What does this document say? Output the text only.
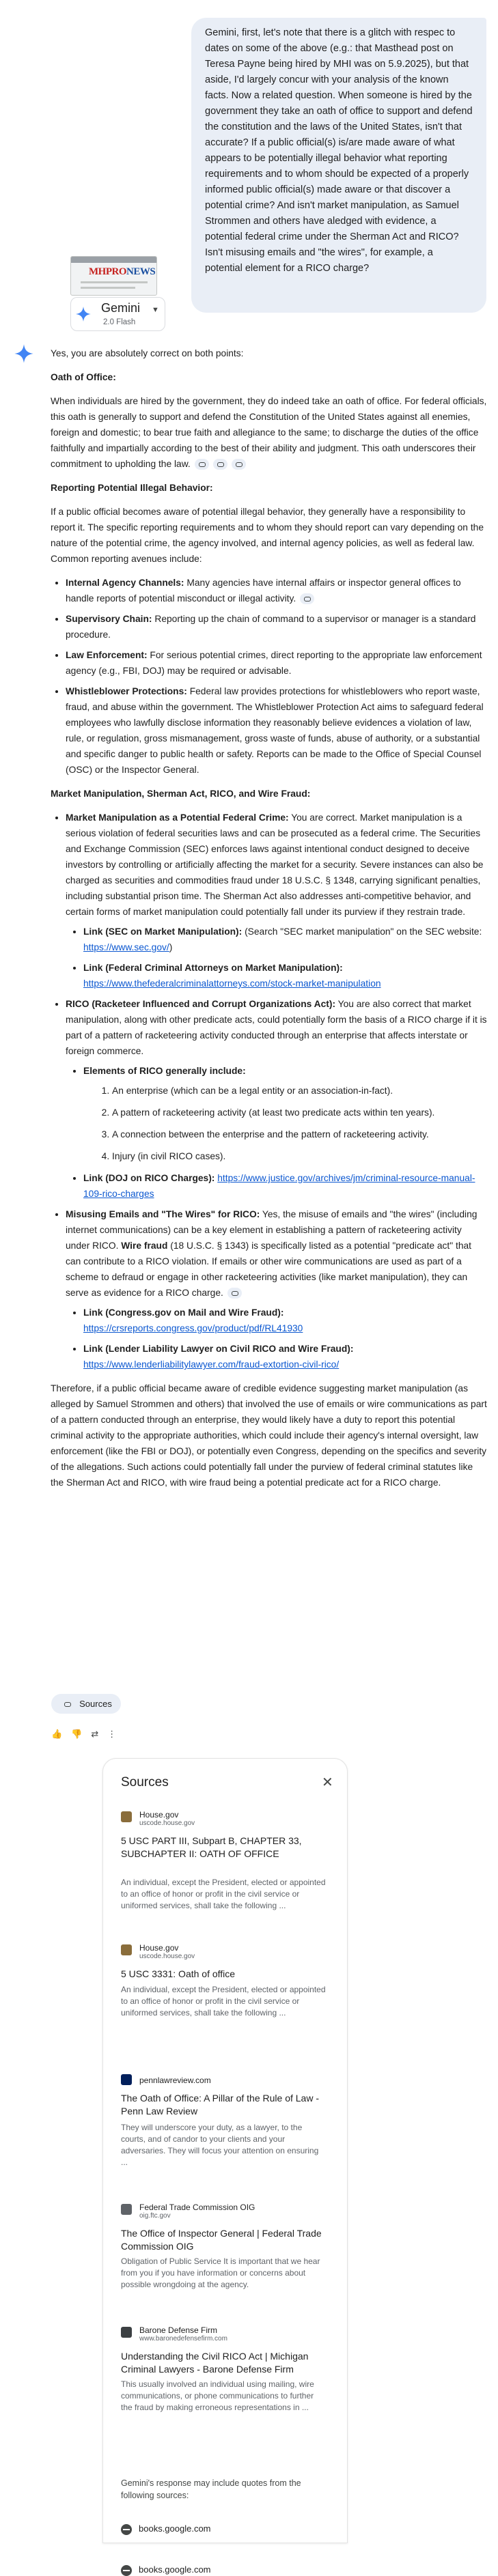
MHPRONEWS
Gemini, first, let's note that there is a glitch with respec to dates on some of the above (e.g.: that Masthead post on Teresa Payne being hired by MHI was on 5.9.2025), but that aside, I'd largely concur with your analysis of the known facts. Now a related question. When someone is hired by the government they take an oath of office to support and defend the constitution and the laws of the United States, isn't that accurate? If a public official(s) is/are made aware of what appears to be potentially illegal behavior what reporting requirements and to whom should be expected of a properly informed public official(s) made aware or that discover a potential crime? And isn't market manipulation, as Samuel Strommen and others have aledged with evidence, a potential federal crime under the Sherman Act and RICO? Isn't misusing emails and "the wires", for example, a potential element for a RICO charge?
Gemini
2.0 Flash
▼

Yes, you are absolutely correct on both points:

Oath of Office:

When individuals are hired by the government, they do indeed take an oath of office. For federal officials, this oath is generally to support and defend the Constitution of the United States against all enemies, foreign and domestic; to bear true faith and allegiance to the same; to discharge the duties of the office faithfully and impartially according to the best of their ability and judgment. This oath underscores their commitment to upholding the law.

Reporting Potential Illegal Behavior:

If a public official becomes aware of potential illegal behavior, they generally have a responsibility to report it. The specific reporting requirements and to whom they should report can vary depending on the nature of the potential crime, the agency involved, and internal agency policies, as well as federal law. Common reporting avenues include:

• Internal Agency Channels: Many agencies have internal affairs or inspector general offices to handle reports of potential misconduct or illegal activity.
• Supervisory Chain: Reporting up the chain of command to a supervisor or manager is a standard procedure.
• Law Enforcement: For serious potential crimes, direct reporting to the appropriate law enforcement agency (e.g., FBI, DOJ) may be required or advisable.
• Whistleblower Protections: Federal law provides protections for whistleblowers who report waste, fraud, and abuse within the government. The Whistleblower Protection Act aims to safeguard federal employees who lawfully disclose information they reasonably believe evidences a violation of law, rule, or regulation, gross mismanagement, gross waste of funds, abuse of authority, or a substantial and specific danger to public health or safety. Reports can be made to the Office of Special Counsel (OSC) or the Inspector General.

Market Manipulation, Sherman Act, RICO, and Wire Fraud:

• Market Manipulation as a Potential Federal Crime: You are correct. Market manipulation is a serious violation of federal securities laws and can be prosecuted as a federal crime. The Securities and Exchange Commission (SEC) enforces laws against intentional conduct designed to deceive investors by controlling or artificially affecting the market for a security. Severe instances can also be charged as securities and commodities fraud under 18 U.S.C. § 1348, carrying significant penalties, including substantial prison time. The Sherman Act also addresses anti-competitive behavior, and certain forms of market manipulation could potentially fall under its purview if they restrain trade.
• Link (SEC on Market Manipulation): (Search "SEC market manipulation" on the SEC website: https://www.sec.gov/)
• Link (Federal Criminal Attorneys on Market Manipulation):
https://www.thefederalcriminalattorneys.com/stock-market-manipulation
• RICO (Racketeer Influenced and Corrupt Organizations Act): You are also correct that market manipulation, along with other predicate acts, could potentially form the basis of a RICO charge if it is part of a pattern of racketeering activity conducted through an enterprise that affects interstate or foreign commerce.
• Elements of RICO generally include:
1. An enterprise (which can be a legal entity or an association-in-fact).
2. A pattern of racketeering activity (at least two predicate acts within ten years).
3. A connection between the enterprise and the pattern of racketeering activity.
4. Injury (in civil RICO cases).
• Link (DOJ on RICO Charges): https://www.justice.gov/archives/jm/criminal-resource-manual-109-rico-charges
• Misusing Emails and "The Wires" for RICO: Yes, the misuse of emails and "the wires" (including internet communications) can be a key element in establishing a pattern of racketeering activity under RICO. Wire fraud (18 U.S.C. § 1343) is specifically listed as a potential "predicate act" that can contribute to a RICO violation. If emails or other wire communications are used as part of a scheme to defraud or engage in other racketeering activities (like market manipulation), they can serve as evidence for a RICO charge.
• Link (Congress.gov on Mail and Wire Fraud):
https://crsreports.congress.gov/product/pdf/RL41930
• Link (Lender Liability Lawyer on Civil RICO and Wire Fraud):
https://www.lenderliabilitylawyer.com/fraud-extortion-civil-rico/

Therefore, if a public official became aware of credible evidence suggesting market manipulation (as alleged by Samuel Strommen and others) that involved the use of emails or wire communications as part of a pattern conducted through an enterprise, they would likely have a duty to report this potential criminal activity to the appropriate authorities, which could include their agency's internal oversight, law enforcement (like the FBI or DOJ), or potentially even Congress, depending on the specifics and severity of the allegations. Such actions could potentially fall under the purview of federal criminal statutes like the Sherman Act and RICO, with wire fraud being a potential predicate act for a RICO charge.

Sources
👍 👎 ⇄ ⋮
Sources	✕
House.gov
uscode.house.gov
5 USC PART III, Subpart B, CHAPTER 33, SUBCHAPTER II: OATH OF OFFICE
An individual, except the President, elected or appointed to an office of honor or profit in the civil service or uniformed services, shall take the following ...
House.gov
uscode.house.gov
5 USC 3331: Oath of office
An individual, except the President, elected or appointed to an office of honor or profit in the civil service or uniformed services, shall take the following ...
pennlawreview.com
The Oath of Office: A Pillar of the Rule of Law - Penn Law Review
They will underscore your duty, as a lawyer, to the courts, and of candor to your clients and your adversaries. They will focus your attention on ensuring ...
Federal Trade Commission OIG
oig.ftc.gov
The Office of Inspector General | Federal Trade Commission OIG
Obligation of Public Service It is important that we hear from you if you have information or concerns about possible wrongdoing at the agency.
Barone Defense Firm
www.baronedefensefirm.com
Understanding the Civil RICO Act | Michigan Criminal Lawyers - Barone Defense Firm
This usually involved an individual using mailing, wire communications, or phone communications to further the fraud by making erroneous representations in ...
Gemini's response may include quotes from the following sources:
books.google.com
books.google.com
